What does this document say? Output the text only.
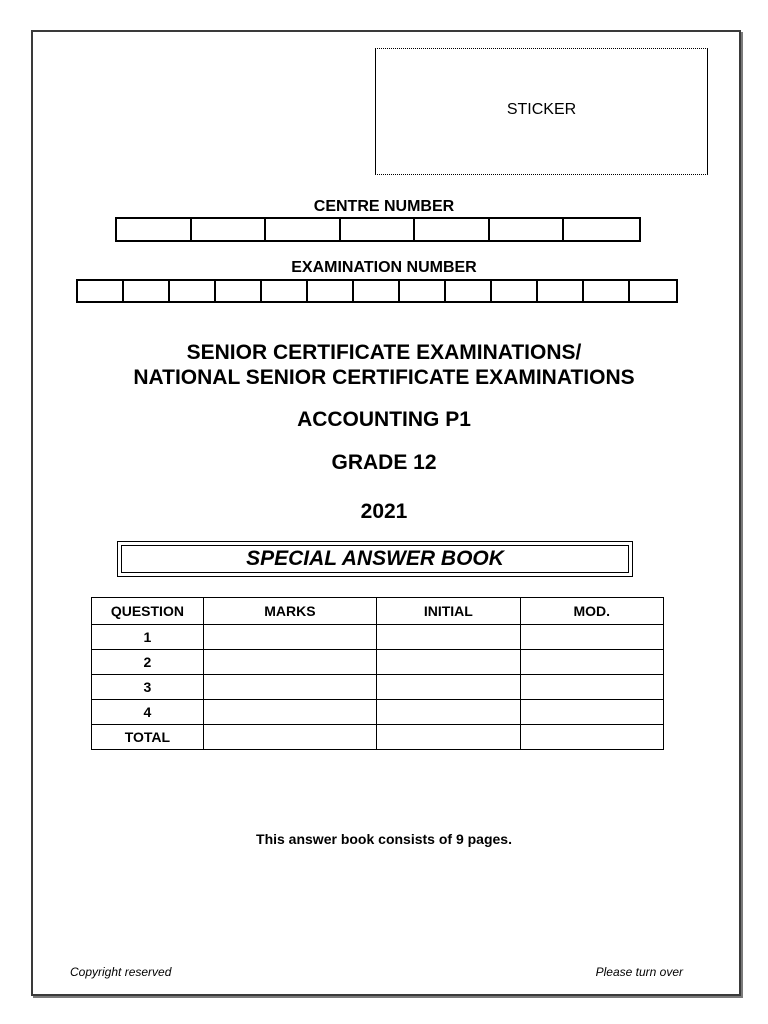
STICKER
CENTRE NUMBER
EXAMINATION NUMBER
SENIOR CERTIFICATE EXAMINATIONS/
NATIONAL SENIOR CERTIFICATE EXAMINATIONS
ACCOUNTING P1
GRADE 12
2021
SPECIAL ANSWER BOOK
QUESTION	MARKS	INITIAL	MOD.
1			
2			
3			
4			
TOTAL			
This answer book consists of 9 pages.
Copyright reserved	Please turn over
